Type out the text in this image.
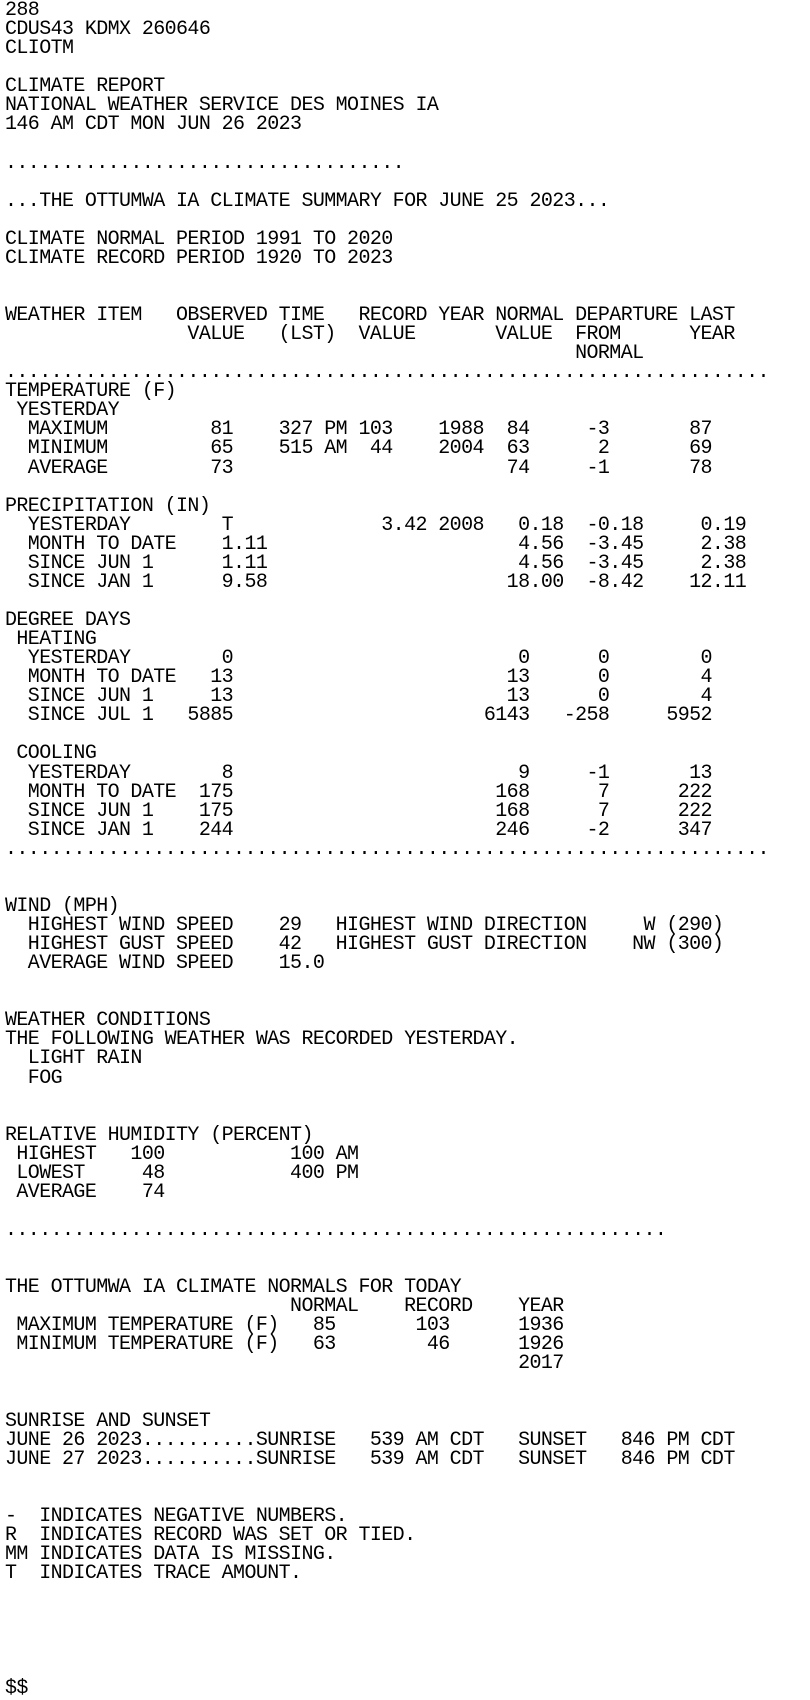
288
CDUS43 KDMX 260646
CLIOTM
CLIMATE REPORT
NATIONAL WEATHER SERVICE DES MOINES IA
146 AM CDT MON JUN 26 2023
...................................
...THE OTTUMWA IA CLIMATE SUMMARY FOR JUNE 25 2023...
CLIMATE NORMAL PERIOD 1991 TO 2020
CLIMATE RECORD PERIOD 1920 TO 2023
WEATHER ITEM   OBSERVED TIME   RECORD YEAR NORMAL DEPARTURE LAST
VALUE   (LST)  VALUE       VALUE  FROM      YEAR
NORMAL
...................................................................
TEMPERATURE (F)
YESTERDAY
MAXIMUM         81    327 PM 103    1988  84     -3       87
MINIMUM         65    515 AM  44    2004  63      2       69
AVERAGE         73                        74     -1       78
PRECIPITATION (IN)
YESTERDAY        T             3.42 2008   0.18  -0.18     0.19
MONTH TO DATE    1.11                      4.56  -3.45     2.38
SINCE JUN 1      1.11                      4.56  -3.45     2.38
SINCE JAN 1      9.58                     18.00  -8.42    12.11
DEGREE DAYS
HEATING
YESTERDAY        0                         0      0        0
MONTH TO DATE   13                        13      0        4
SINCE JUN 1     13                        13      0        4
SINCE JUL 1   5885                      6143   -258     5952
COOLING
YESTERDAY        8                         9     -1       13
MONTH TO DATE  175                       168      7      222
SINCE JUN 1    175                       168      7      222
SINCE JAN 1    244                       246     -2      347
...................................................................
WIND (MPH)
HIGHEST WIND SPEED    29   HIGHEST WIND DIRECTION     W (290)
HIGHEST GUST SPEED    42   HIGHEST GUST DIRECTION    NW (300)
AVERAGE WIND SPEED    15.0
WEATHER CONDITIONS
THE FOLLOWING WEATHER WAS RECORDED YESTERDAY.
LIGHT RAIN
FOG
RELATIVE HUMIDITY (PERCENT)
HIGHEST   100           100 AM
LOWEST     48           400 PM
AVERAGE    74
..........................................................
THE OTTUMWA IA CLIMATE NORMALS FOR TODAY
NORMAL    RECORD    YEAR
MAXIMUM TEMPERATURE (F)   85       103      1936
MINIMUM TEMPERATURE (F)   63        46      1926
2017
SUNRISE AND SUNSET
JUNE 26 2023..........SUNRISE   539 AM CDT   SUNSET   846 PM CDT
JUNE 27 2023..........SUNRISE   539 AM CDT   SUNSET   846 PM CDT
-  INDICATES NEGATIVE NUMBERS.
R  INDICATES RECORD WAS SET OR TIED.
MM INDICATES DATA IS MISSING.
T  INDICATES TRACE AMOUNT.
$$
